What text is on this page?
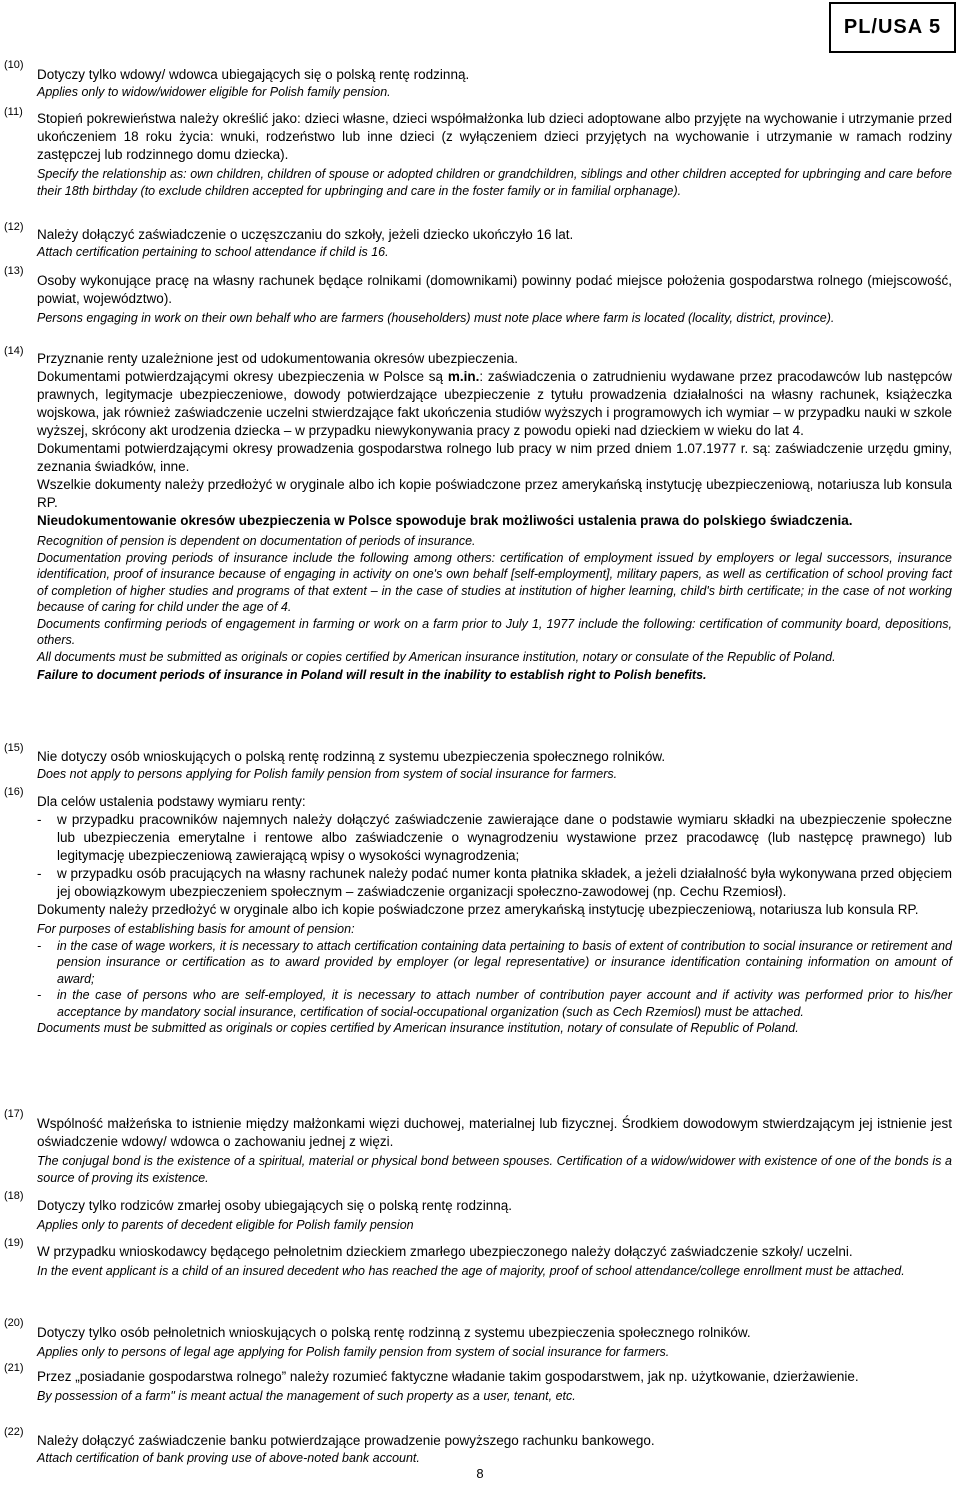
PL/USA 5
(10)
(11)
(12)
(13)
(14)
(15)
(16)
(17)
(18)
(19)
(20)
(21)
(22)

Dotyczy tylko wdowy/ wdowca ubiegających się o polską rentę rodzinną.

Applies only to widow/widower eligible for Polish family pension.

Stopień pokrewieństwa należy określić jako: dzieci własne, dzieci współmałżonka lub dzieci adoptowane albo przyjęte na wychowanie i utrzymanie przed ukończeniem 18 roku życia: wnuki, rodzeństwo lub inne dzieci (z wyłączeniem dzieci przyjętych na wychowanie i utrzymanie w ramach rodziny zastępczej lub rodzinnego domu dziecka).

Specify the relationship as: own children, children of spouse or adopted children or grandchildren, siblings and other children accepted for upbringing and care before their 18th birthday (to exclude children accepted for upbringing and care in the foster family or in familial orphanage).

Należy dołączyć zaświadczenie o uczęszczaniu do szkoły, jeżeli dziecko ukończyło 16 lat.

Attach certification pertaining to school attendance if child is 16.

Osoby wykonujące pracę na własny rachunek będące rolnikami (domownikami) powinny podać miejsce położenia gospodarstwa rolnego (miejscowość, powiat, województwo).

Persons engaging in work on their own behalf who are farmers (householders) must note place where farm is located (locality, district, province).

Przyznanie renty uzależnione jest od udokumentowania okresów ubezpieczenia.

Dokumentami potwierdzającymi okresy ubezpieczenia w Polsce są m.in.: zaświadczenia o zatrudnieniu wydawane przez pracodawców lub następców prawnych, legitymacje ubezpieczeniowe, dowody potwierdzające ubezpieczenie z tytułu prowadzenia działalności na własny rachunek, książeczka wojskowa, jak również zaświadczenie uczelni stwierdzające fakt ukończenia studiów wyższych i programowych ich wymiar – w przypadku nauki w szkole wyższej, skrócony akt urodzenia dziecka – w przypadku niewykonywania pracy z powodu opieki nad dzieckiem w wieku do lat 4.

Dokumentami potwierdzającymi okresy prowadzenia gospodarstwa rolnego lub pracy w nim przed dniem 1.07.1977 r. są: zaświadczenie urzędu gminy, zeznania świadków, inne.

Wszelkie dokumenty należy przedłożyć w oryginale albo ich kopie poświadczone przez amerykańską instytucję ubezpieczeniową, notariusza lub konsula RP.

Nieudokumentowanie okresów ubezpieczenia w Polsce spowoduje brak możliwości ustalenia prawa do polskiego świadczenia.

Recognition of pension is dependent on documentation of periods of insurance.

Documentation proving periods of insurance include the following among others: certification of employment issued by employers or legal successors, insurance identification, proof of insurance because of engaging in activity on one's own behalf [self-employment], military papers, as well as certification of school proving fact of completion of higher studies and programs of that extent – in the case of studies at institution of higher learning, child's birth certificate; in the case of not working because of caring for child under the age of 4.

Documents confirming periods of engagement in farming or work on a farm prior to July 1, 1977 include the following: certification of community board, depositions, others.

All documents must be submitted as originals or copies certified by American insurance institution, notary or consulate of the Republic of Poland.

Failure to document periods of insurance in Poland will result in the inability to establish right to Polish benefits.

Nie dotyczy osób wnioskujących o polską rentę rodzinną z systemu ubezpieczenia społecznego rolników.

Does not apply to persons applying for Polish family pension from system of social insurance for farmers.

Dla celów ustalenia podstawy wymiaru renty:

-	w przypadku pracowników najemnych należy dołączyć zaświadczenie zawierające dane o podstawie wymiaru składki na ubezpieczenie społeczne lub ubezpieczenia emerytalne i rentowe albo zaświadczenie o wynagrodzeniu wystawione przez pracodawcę (lub następcę prawnego) lub legitymację ubezpieczeniową zawierającą wpisy o wysokości wynagrodzenia;
-	w przypadku osób pracujących na własny rachunek należy podać numer konta płatnika składek, a jeżeli działalność była wykonywana przed objęciem jej obowiązkowym ubezpieczeniem społecznym – zaświadczenie organizacji społeczno-zawodowej (np. Cechu Rzemiosł).

Dokumenty należy przedłożyć w oryginale albo ich kopie poświadczone przez amerykańską instytucję ubezpieczeniową, notariusza lub konsula RP.

For purposes of establishing basis for amount of pension:

-	in the case of wage workers, it is necessary to attach certification containing data pertaining to basis of extent of contribution to social insurance or retirement and pension insurance or certification as to award provided by employer (or legal representative) or insurance identification containing information on amount of award;
-	in the case of persons who are self-employed, it is necessary to attach number of contribution payer account and if activity was performed prior to his/her acceptance by mandatory social insurance, certification of social-occupational organization (such as Cech Rzemiosl) must be attached.

Documents must be submitted as originals or copies certified by American insurance institution, notary of consulate of Republic of Poland.

Wspólność małżeńska to istnienie między małżonkami więzi duchowej, materialnej lub fizycznej. Środkiem dowodowym stwierdzającym jej istnienie jest oświadczenie wdowy/ wdowca o zachowaniu jednej z więzi.

The conjugal bond is the existence of a spiritual, material or physical bond between spouses. Certification of a widow/widower with existence of one of the bonds is a source of proving its existence.

Dotyczy tylko rodziców zmarłej osoby ubiegających się o polską rentę rodzinną.

Applies only to parents of decedent eligible for Polish family pension

W przypadku wnioskodawcy będącego pełnoletnim dzieckiem zmarłego ubezpieczonego należy dołączyć zaświadczenie szkoły/ uczelni.

In the event applicant is a child of an insured decedent who has reached the age of majority, proof of school attendance/college enrollment must be attached.

Dotyczy tylko osób pełnoletnich wnioskujących o polską rentę rodzinną z systemu ubezpieczenia społecznego rolników.

Applies only to persons of legal age applying for Polish family pension from system of social insurance for farmers.

Przez „posiadanie gospodarstwa rolnego” należy rozumieć faktyczne władanie takim gospodarstwem, jak np. użytkowanie, dzierżawienie.

By possession of a farm" is meant actual the management of such property as a user, tenant, etc.

Należy dołączyć zaświadczenie banku potwierdzające prowadzenie powyższego rachunku bankowego.

Attach certification of bank proving use of above-noted bank account.

8
